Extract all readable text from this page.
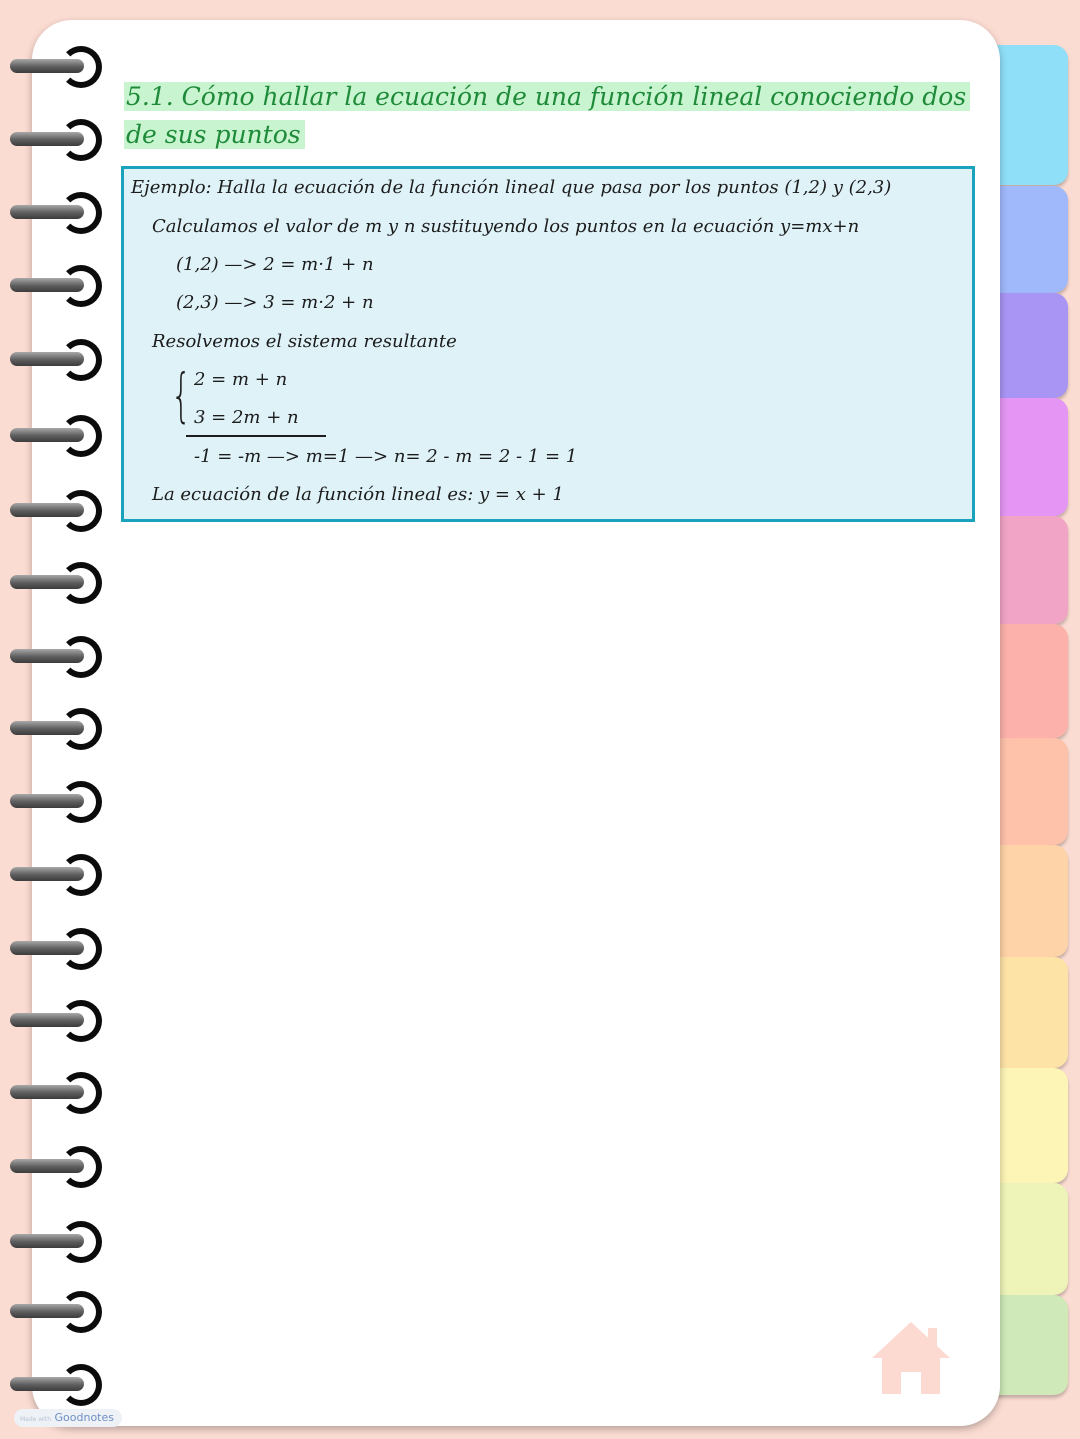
5.1. Cómo hallar la ecuación de una función lineal conociendo dos de sus puntos
Ejemplo: Halla la ecuación de la función lineal que pasa por los puntos (1,2) y (2,3)
Calculamos el valor de m y n sustituyendo los puntos en la ecuación y=mx+n
(1,2) —> 2 = m·1 + n
(2,3) —> 3 = m·2 + n
Resolvemos el sistema resultante
{ 2 = m + n
3 = 2m + n
-1 = -m —> m=1 —> n= 2 - m = 2 - 1 = 1
La ecuación de la función lineal es: y = x + 1
Made with Goodnotes
